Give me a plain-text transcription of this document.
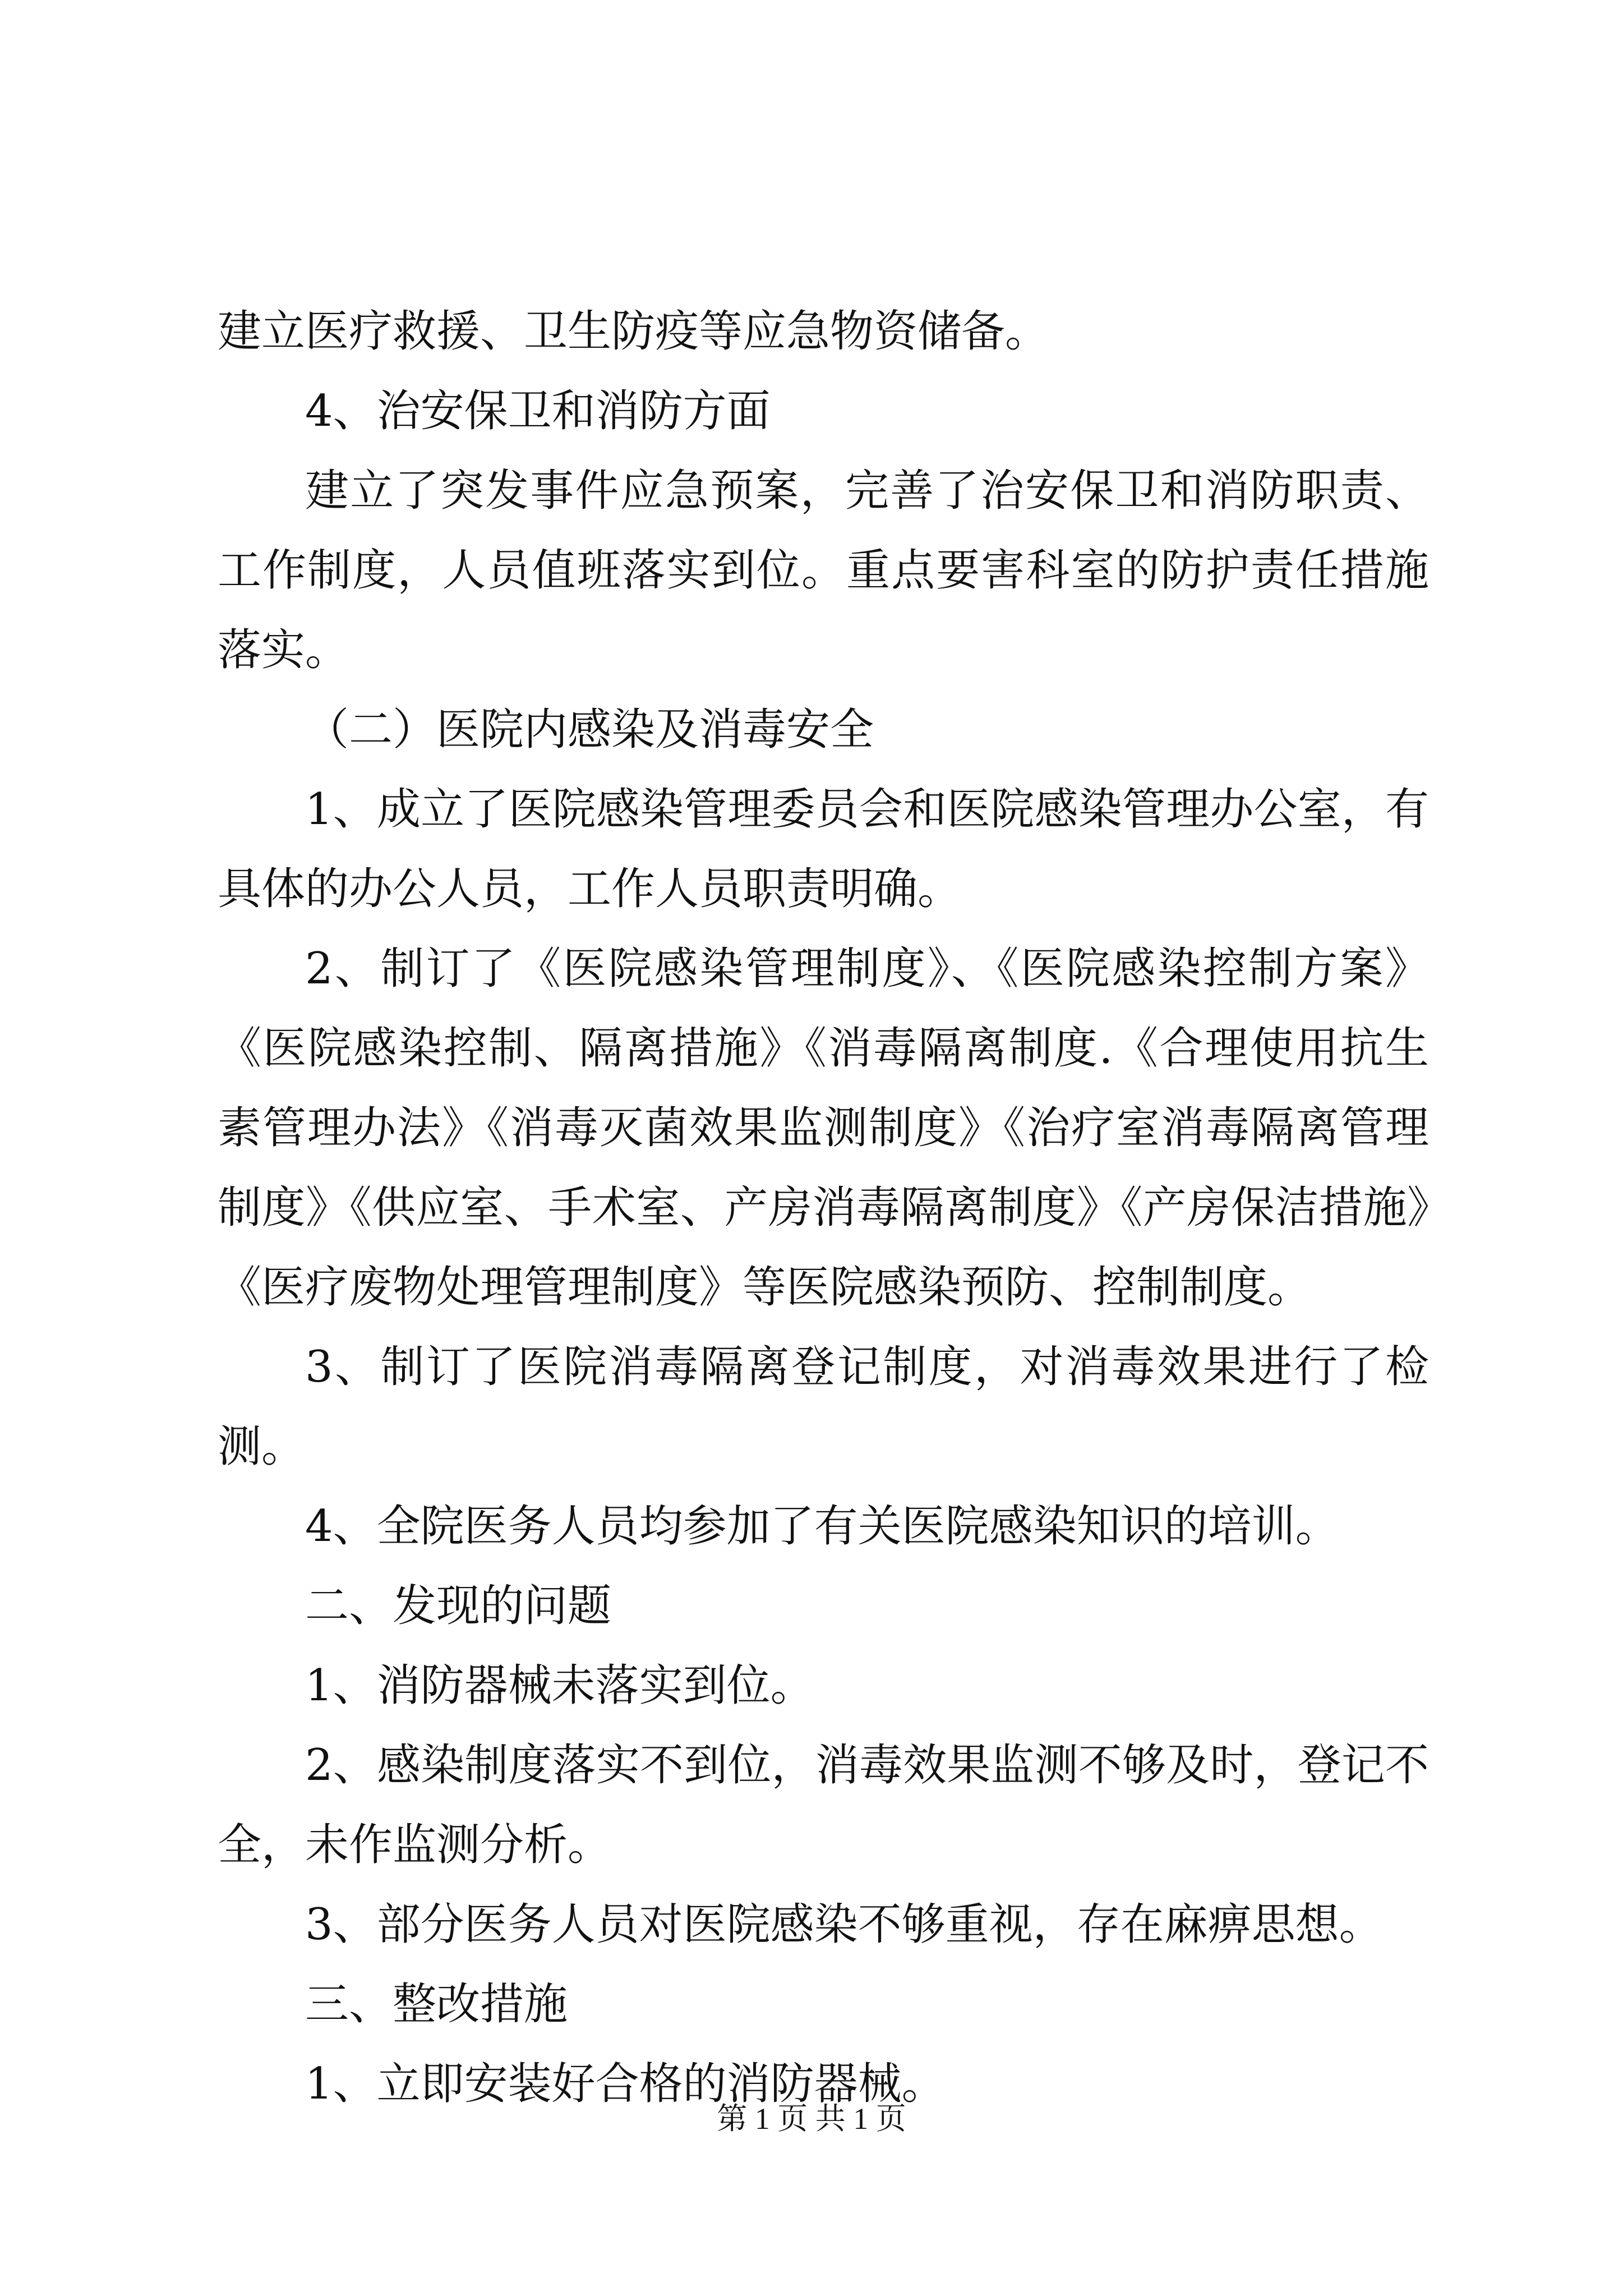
建立医疗救援、卫生防疫等应急物资储备。

4、治安保卫和消防方面

建立了突发事件应急预案，完善了治安保卫和消防职责、工作制度，人员值班落实到位。重点要害科室的防护责任措施落实。

（二）医院内感染及消毒安全

1、成立了医院感染管理委员会和医院感染管理办公室，有具体的办公人员，工作人员职责明确。

2、制订了《医院感染管理制度》、《医院感染控制方案》《医院感染控制、隔离措施》《消毒隔离制度.《合理使用抗生素管理办法》《消毒灭菌效果监测制度》《治疗室消毒隔离管理制度》《供应室、手术室、产房消毒隔离制度》《产房保洁措施》《医疗废物处理管理制度》等医院感染预防、控制制度。

3、制订了医院消毒隔离登记制度，对消毒效果进行了检测。

4、全院医务人员均参加了有关医院感染知识的培训。

二、发现的问题

1、消防器械未落实到位。

2、感染制度落实不到位，消毒效果监测不够及时，登记不全，未作监测分析。

3、部分医务人员对医院感染不够重视，存在麻痹思想。

三、整改措施

1、立即安装好合格的消防器械。

第 1 页 共 1 页
